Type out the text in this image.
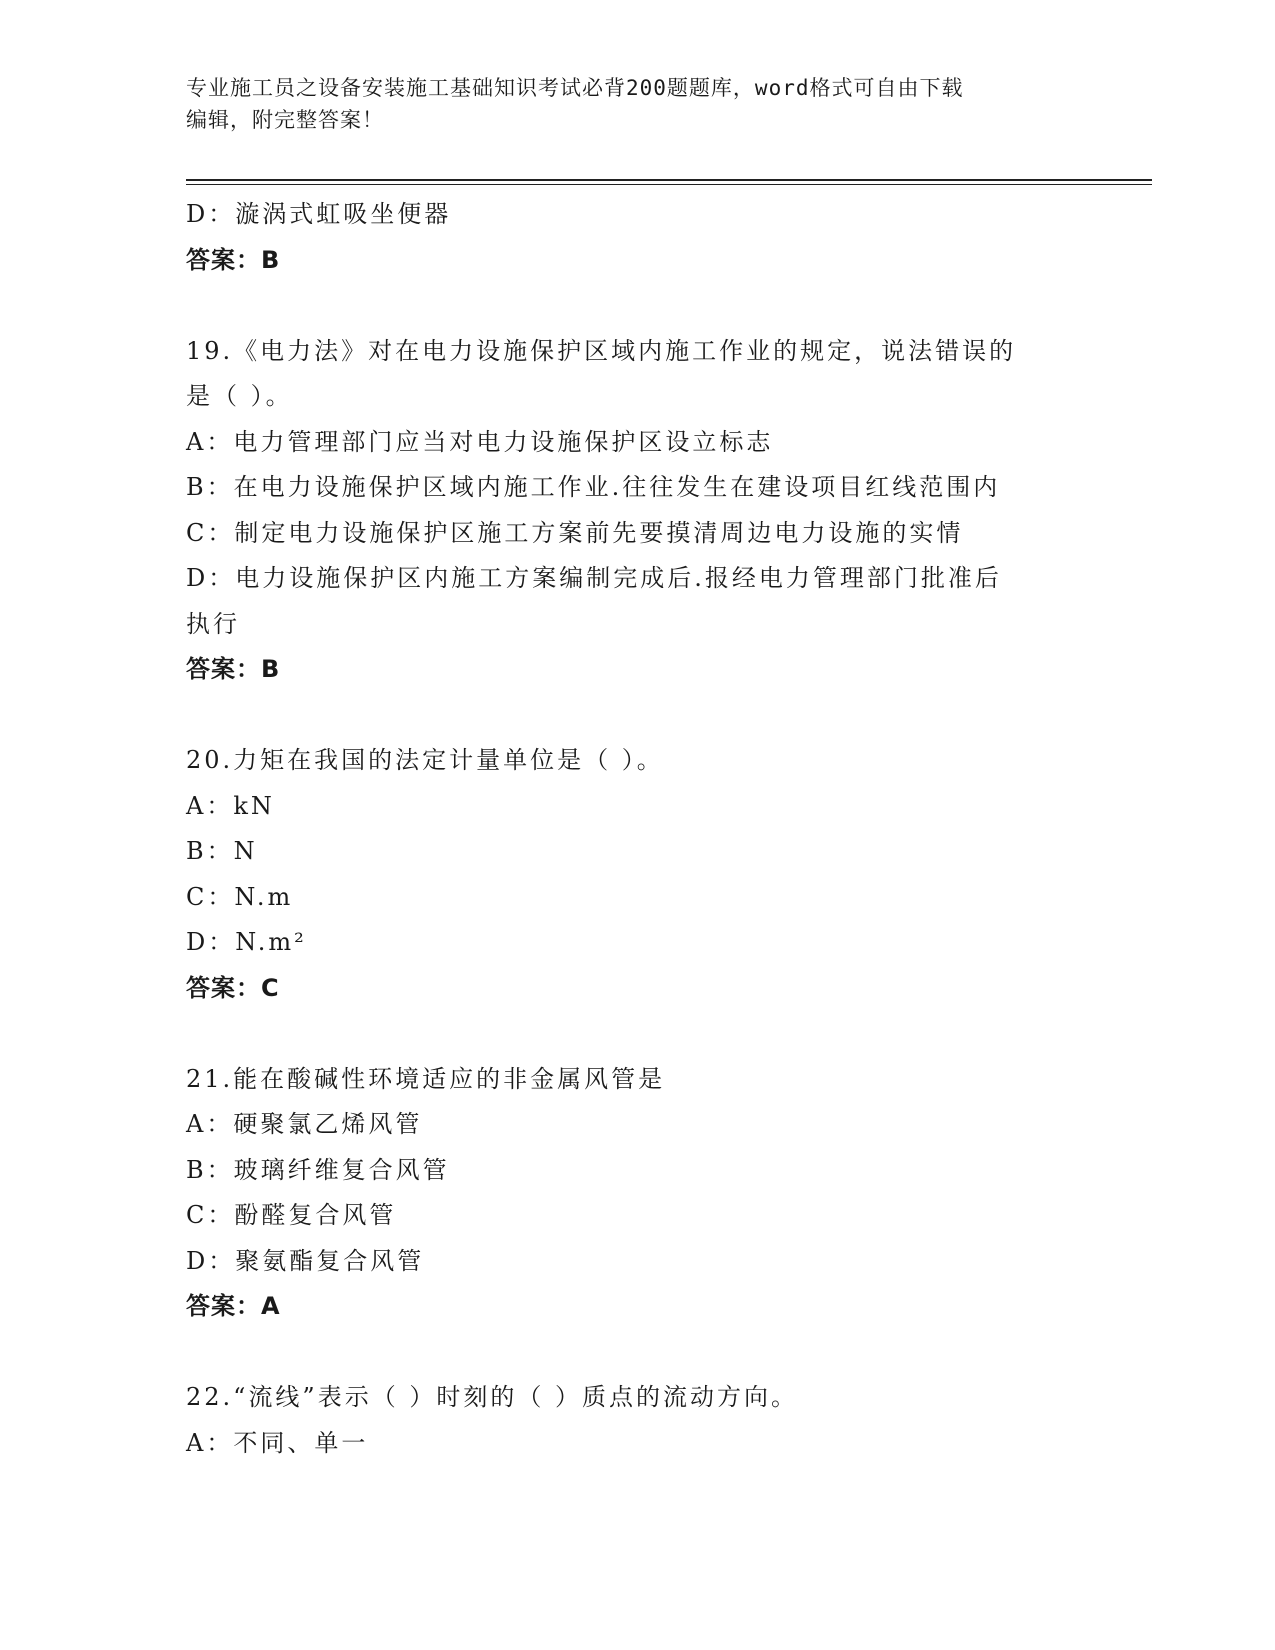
专业施工员之设备安装施工基础知识考试必背200题题库，word格式可自由下载
编辑，附完整答案！
D：漩涡式虹吸坐便器
答案：B
19.《电力法》对在电力设施保护区域内施工作业的规定，说法错误的
是（ ）。
A：电力管理部门应当对电力设施保护区设立标志
B：在电力设施保护区域内施工作业.往往发生在建设项目红线范围内
C：制定电力设施保护区施工方案前先要摸清周边电力设施的实情
D：电力设施保护区内施工方案编制完成后.报经电力管理部门批准后
执行
答案：B
20.力矩在我国的法定计量单位是（ ）。
A：kN
B：N
C：N.m
D：N.m²
答案：C
21.能在酸碱性环境适应的非金属风管是
A：硬聚氯乙烯风管
B：玻璃纤维复合风管
C：酚醛复合风管
D：聚氨酯复合风管
答案：A
22.“流线”表示（ ）时刻的（ ）质点的流动方向。
A：不同、单一
